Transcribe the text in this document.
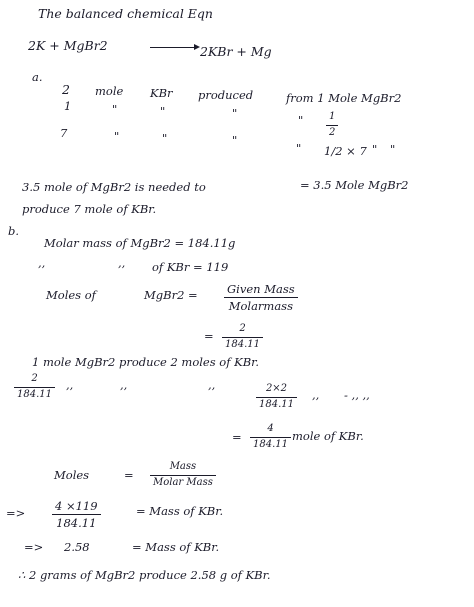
The balanced chemical Eqn
2K + MgBr2	2KBr + Mg
a.
2 mole KBr produced	from 1 Mole MgBr2
1	"	"	"	" $\frac{1}{2}$
7	"	"	"
" 1/2 × 7 " "
3.5 mole of MgBr2 is needed to	= 3.5 Mole MgBr2
produce 7 mole of KBr.
b.
Molar mass of MgBr2 = 184.11g
,,	,, of KBr = 119
Moles of	MgBr2 =	Given Mass
Molarmass
= $\frac{2}{184.11}$
1 mole MgBr2 produce 2 moles of KBr.
$\frac{2}{184.11}$ ,,	,,	,,	$\frac{2\times 2}{184.11}$ ,, - ,, ,,
= $\frac{4}{184.11}$ mole of KBr.
Moles	=
Mass
Molar Mass
=> $\frac{4 \times 119}{184.11}$	= Mass of KBr.
=> 2.58	= Mass of KBr.
∴ 2 grams of MgBr2 produce 2.58 g of KBr.
